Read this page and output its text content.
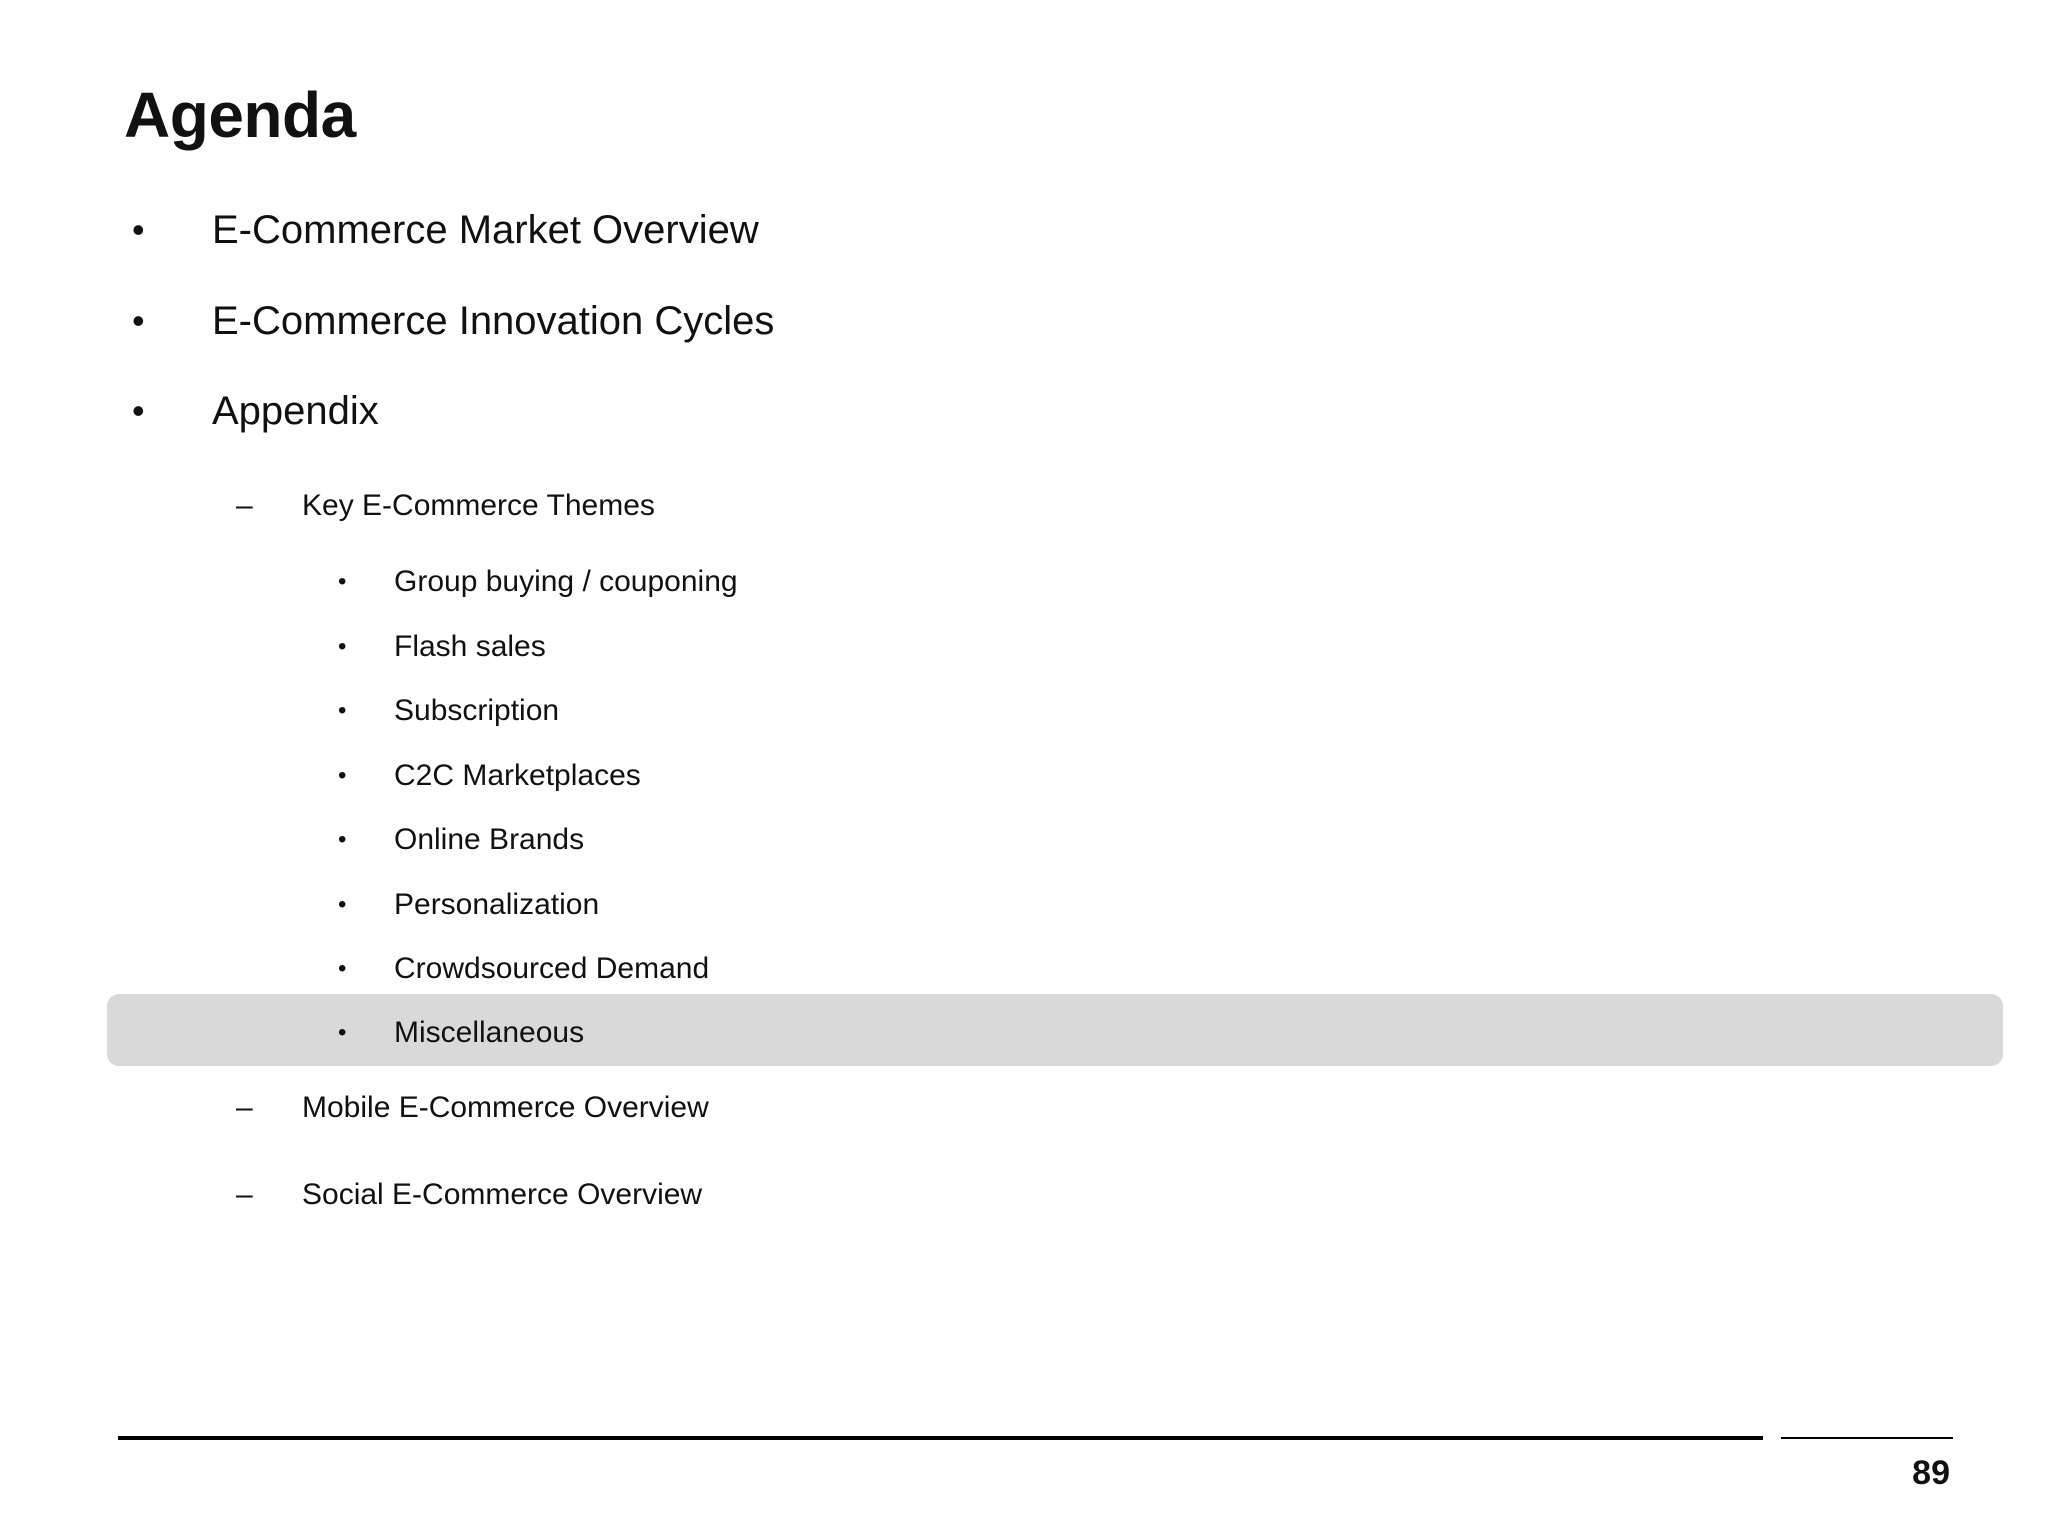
Agenda
•	E-Commerce Market Overview
•	E-Commerce Innovation Cycles
•	Appendix
–	Key E-Commerce Themes
•	Group buying / couponing
•	Flash sales
•	Subscription
•	C2C Marketplaces
•	Online Brands
•	Personalization
•	Crowdsourced Demand
•	Miscellaneous
–	Mobile E-Commerce Overview
–	Social E-Commerce Overview
89
